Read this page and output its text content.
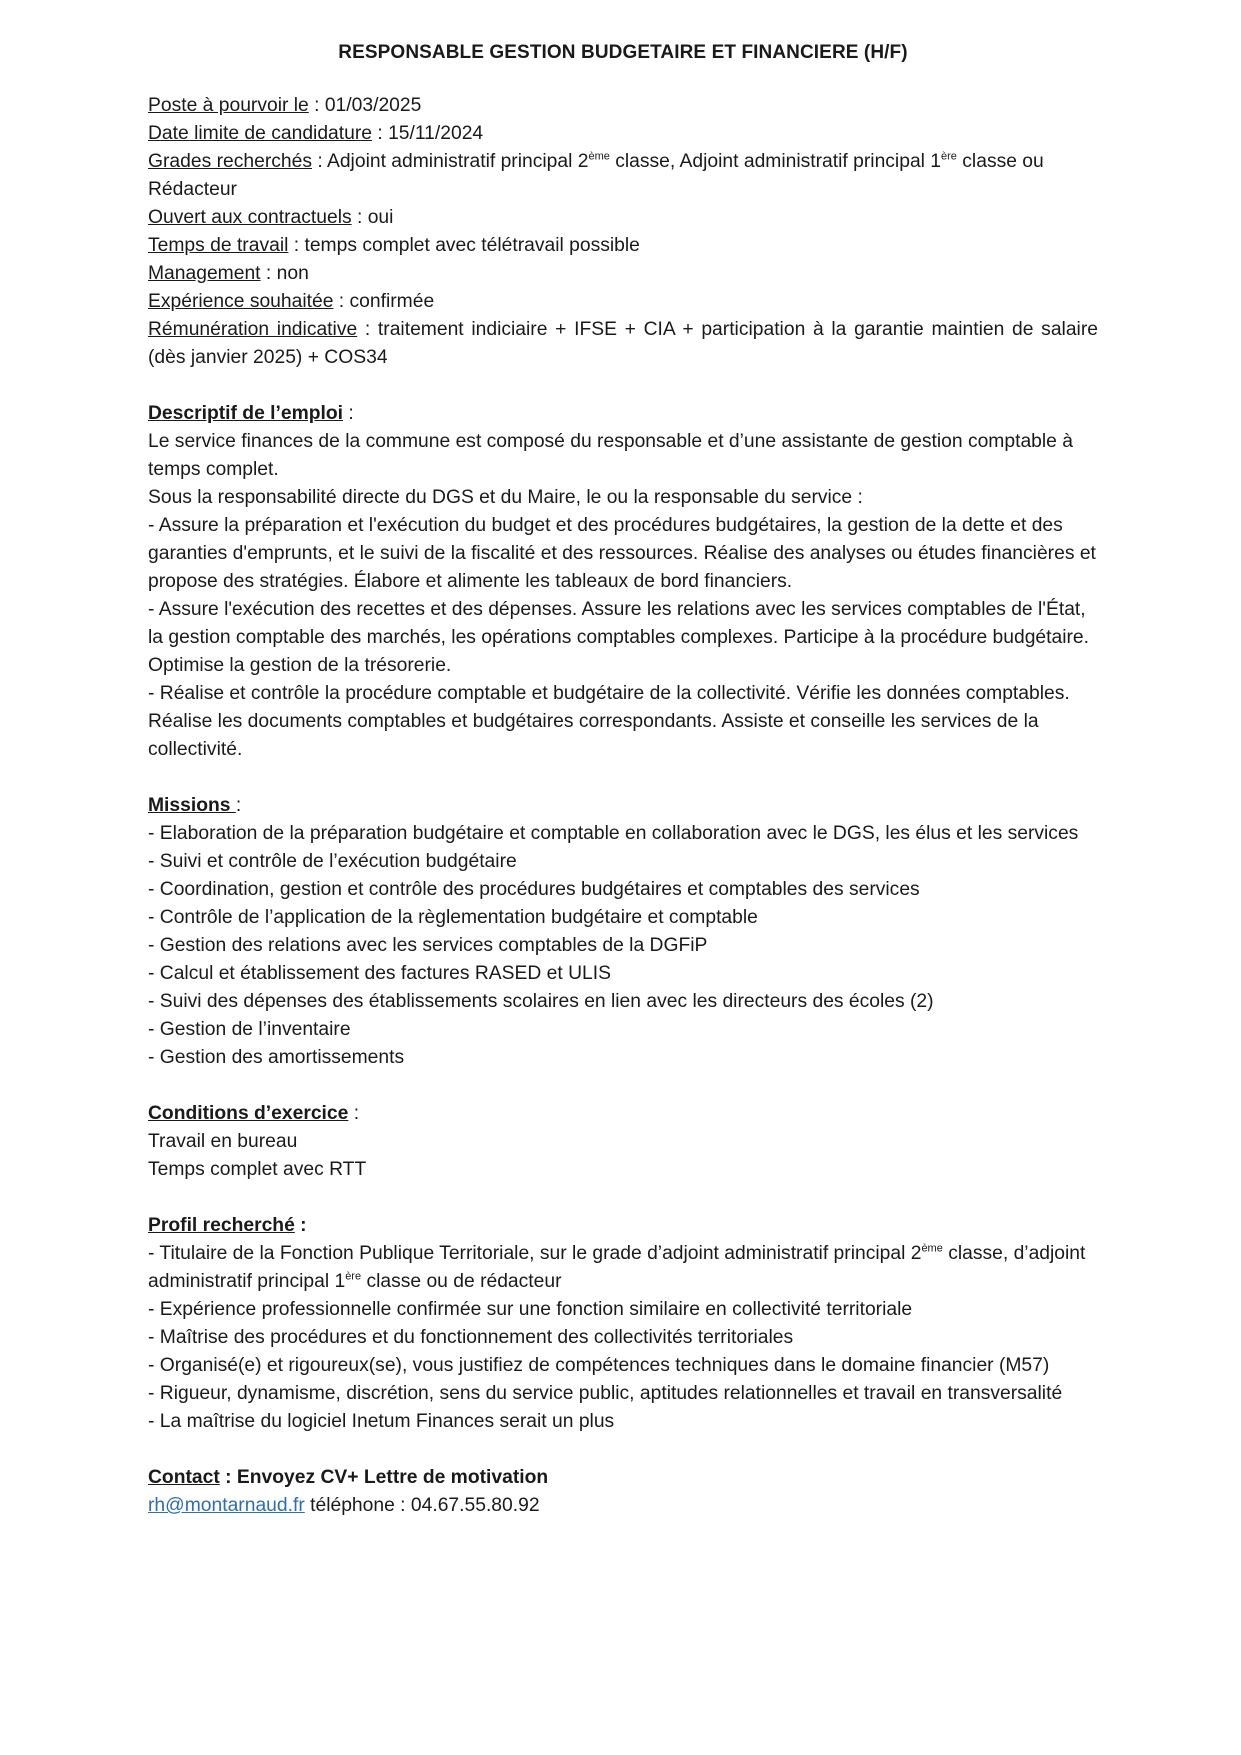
RESPONSABLE GESTION BUDGETAIRE ET FINANCIERE (H/F)

Poste à pourvoir le : 01/03/2025

Date limite de candidature : 15/11/2024

Grades recherchés : Adjoint administratif principal 2ème classe, Adjoint administratif principal 1ère classe ou Rédacteur

Ouvert aux contractuels : oui

Temps de travail : temps complet avec télétravail possible

Management : non

Expérience souhaitée : confirmée

Rémunération indicative : traitement indiciaire + IFSE + CIA + participation à la garantie maintien de salaire (dès janvier 2025) + COS34

Descriptif de l’emploi :

Le service finances de la commune est composé du responsable et d’une assistante de gestion comptable à temps complet.

Sous la responsabilité directe du DGS et du Maire, le ou la responsable du service :

- Assure la préparation et l'exécution du budget et des procédures budgétaires, la gestion de la dette et des garanties d'emprunts, et le suivi de la fiscalité et des ressources. Réalise des analyses ou études financières et propose des stratégies. Élabore et alimente les tableaux de bord financiers.

- Assure l'exécution des recettes et des dépenses. Assure les relations avec les services comptables de l'État, la gestion comptable des marchés, les opérations comptables complexes. Participe à la procédure budgétaire. Optimise la gestion de la trésorerie.

- Réalise et contrôle la procédure comptable et budgétaire de la collectivité. Vérifie les données comptables. Réalise les documents comptables et budgétaires correspondants. Assiste et conseille les services de la collectivité.

Missions :

- Elaboration de la préparation budgétaire et comptable en collaboration avec le DGS, les élus et les services

- Suivi et contrôle de l’exécution budgétaire

- Coordination, gestion et contrôle des procédures budgétaires et comptables des services

- Contrôle de l’application de la règlementation budgétaire et comptable

- Gestion des relations avec les services comptables de la DGFiP

- Calcul et établissement des factures RASED et ULIS

- Suivi des dépenses des établissements scolaires en lien avec les directeurs des écoles (2)

- Gestion de l’inventaire

- Gestion des amortissements

Conditions d’exercice :

Travail en bureau

Temps complet avec RTT

Profil recherché :

- Titulaire de la Fonction Publique Territoriale, sur le grade d’adjoint administratif principal 2ème classe, d’adjoint administratif principal 1ère classe ou de rédacteur

- Expérience professionnelle confirmée sur une fonction similaire en collectivité territoriale

- Maîtrise des procédures et du fonctionnement des collectivités territoriales

- Organisé(e) et rigoureux(se), vous justifiez de compétences techniques dans le domaine financier (M57)

- Rigueur, dynamisme, discrétion, sens du service public, aptitudes relationnelles et travail en transversalité

- La maîtrise du logiciel Inetum Finances serait un plus

Contact : Envoyez CV+ Lettre de motivation

rh@montarnaud.fr téléphone : 04.67.55.80.92
